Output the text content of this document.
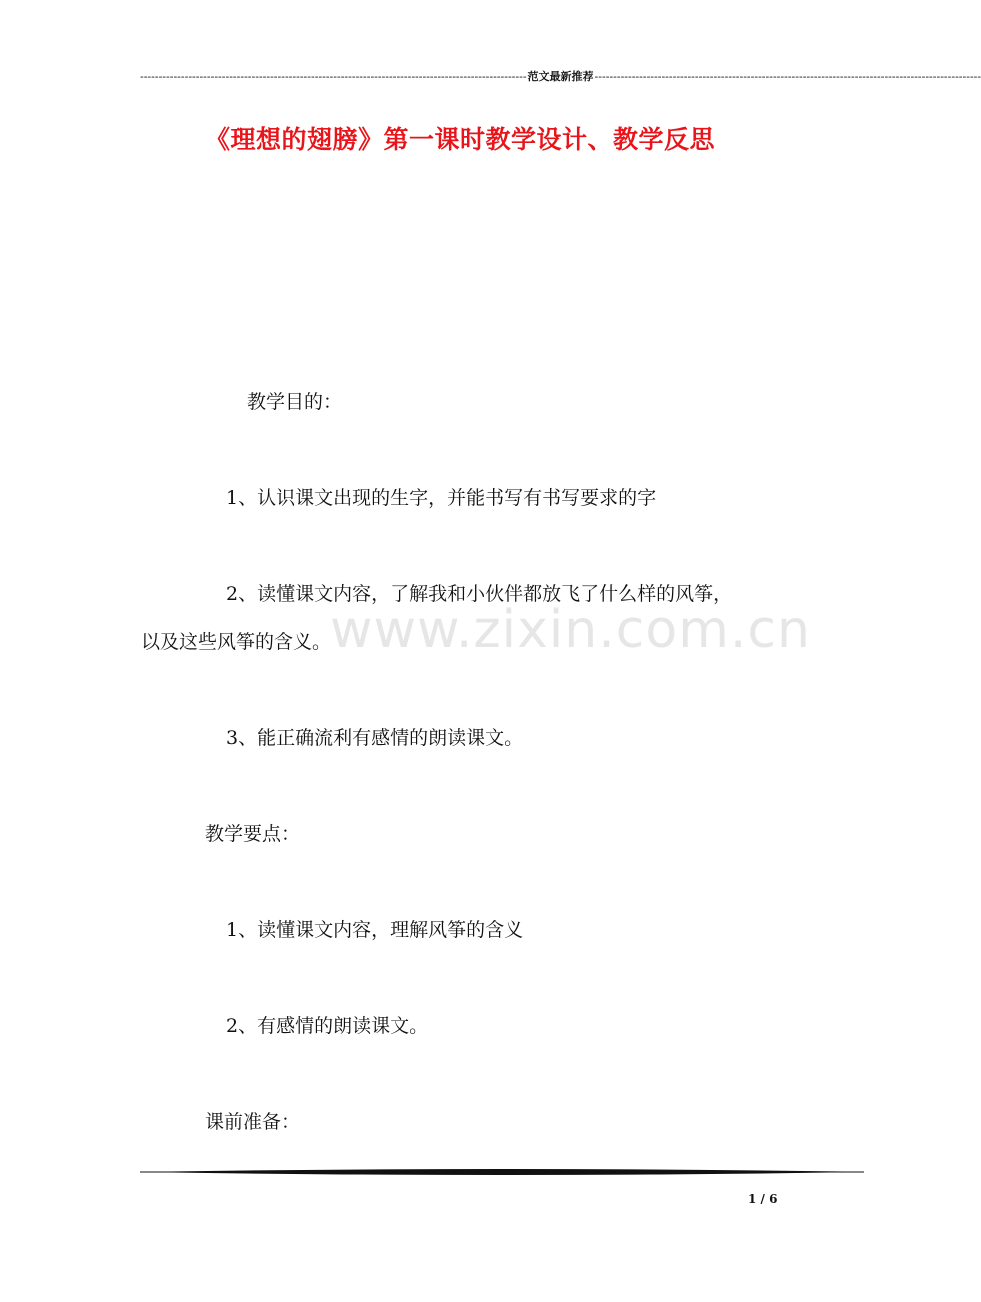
-------------------------------------------------------------------------------------------------------- 范文最新推荐 --------------------------------------------------------------------------------------------------------
《理想的翅膀》第一课时教学设计、教学反思
www.zixin.com.cn
教学目的：
1、认识课文出现的生字，并能书写有书写要求的字
2、读懂课文内容，了解我和小伙伴都放飞了什么样的风筝，
以及这些风筝的含义。
3、能正确流利有感情的朗读课文。
教学要点：
1、读懂课文内容，理解风筝的含义
2、有感情的朗读课文。
课前准备：
1 / 6
